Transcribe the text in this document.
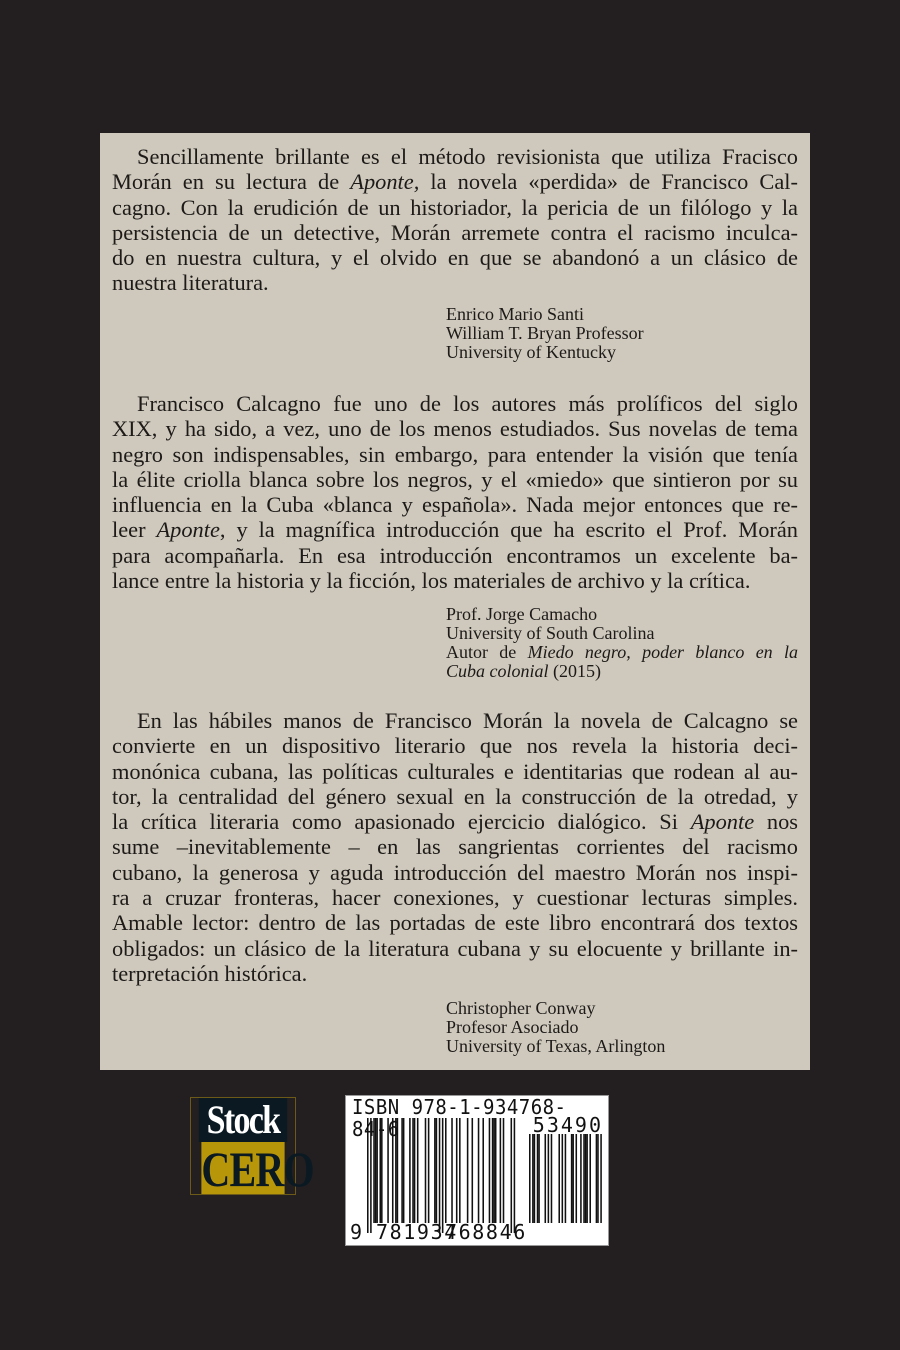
Sencillamente brillante es el método revisionista que utiliza Fracisco
Morán en su lectura de Aponte, la novela «perdida» de Francisco Cal-
cagno. Con la erudición de un historiador, la pericia de un filólogo y la
persistencia de un detective, Morán arremete contra el racismo inculca-
do en nuestra cultura, y el olvido en que se abandonó a un clásico de
nuestra literatura.
Enrico Mario Santi
William T. Bryan Professor
University of Kentucky
Francisco Calcagno fue uno de los autores más prolíficos del siglo
XIX, y ha sido, a vez, uno de los menos estudiados. Sus novelas de tema
negro son indispensables, sin embargo, para entender la visión que tenía
la élite criolla blanca sobre los negros, y el «miedo» que sintieron por su
influencia en la Cuba «blanca y española». Nada mejor entonces que re-
leer Aponte, y la magnífica introducción que ha escrito el Prof. Morán
para acompañarla. En esa introducción encontramos un excelente ba-
lance entre la historia y la ficción, los materiales de archivo y la crítica.
Prof. Jorge Camacho
University of South Carolina
Autor de Miedo negro, poder blanco en la
Cuba colonial (2015)
En las hábiles manos de Francisco Morán la novela de Calcagno se
convierte en un dispositivo literario que nos revela la historia deci-
monónica cubana, las políticas culturales e identitarias que rodean al au-
tor, la centralidad del género sexual en la construcción de la otredad, y
la crítica literaria como apasionado ejercicio dialógico. Si Aponte nos
sume –inevitablemente – en las sangrientas corrientes del racismo
cubano, la generosa y aguda introducción del maestro Morán nos inspi-
ra a cruzar fronteras, hacer conexiones, y cuestionar lecturas simples.
Amable lector: dentro de las portadas de este libro encontrará dos textos
obligados: un clásico de la literatura cubana y su elocuente y brillante in-
terpretación histórica.
Christopher Conway
Profesor Asociado
University of Texas, Arlington
Stock
CERO
ISBN 978-1-934768-84-6	53490
9 781934
768846
